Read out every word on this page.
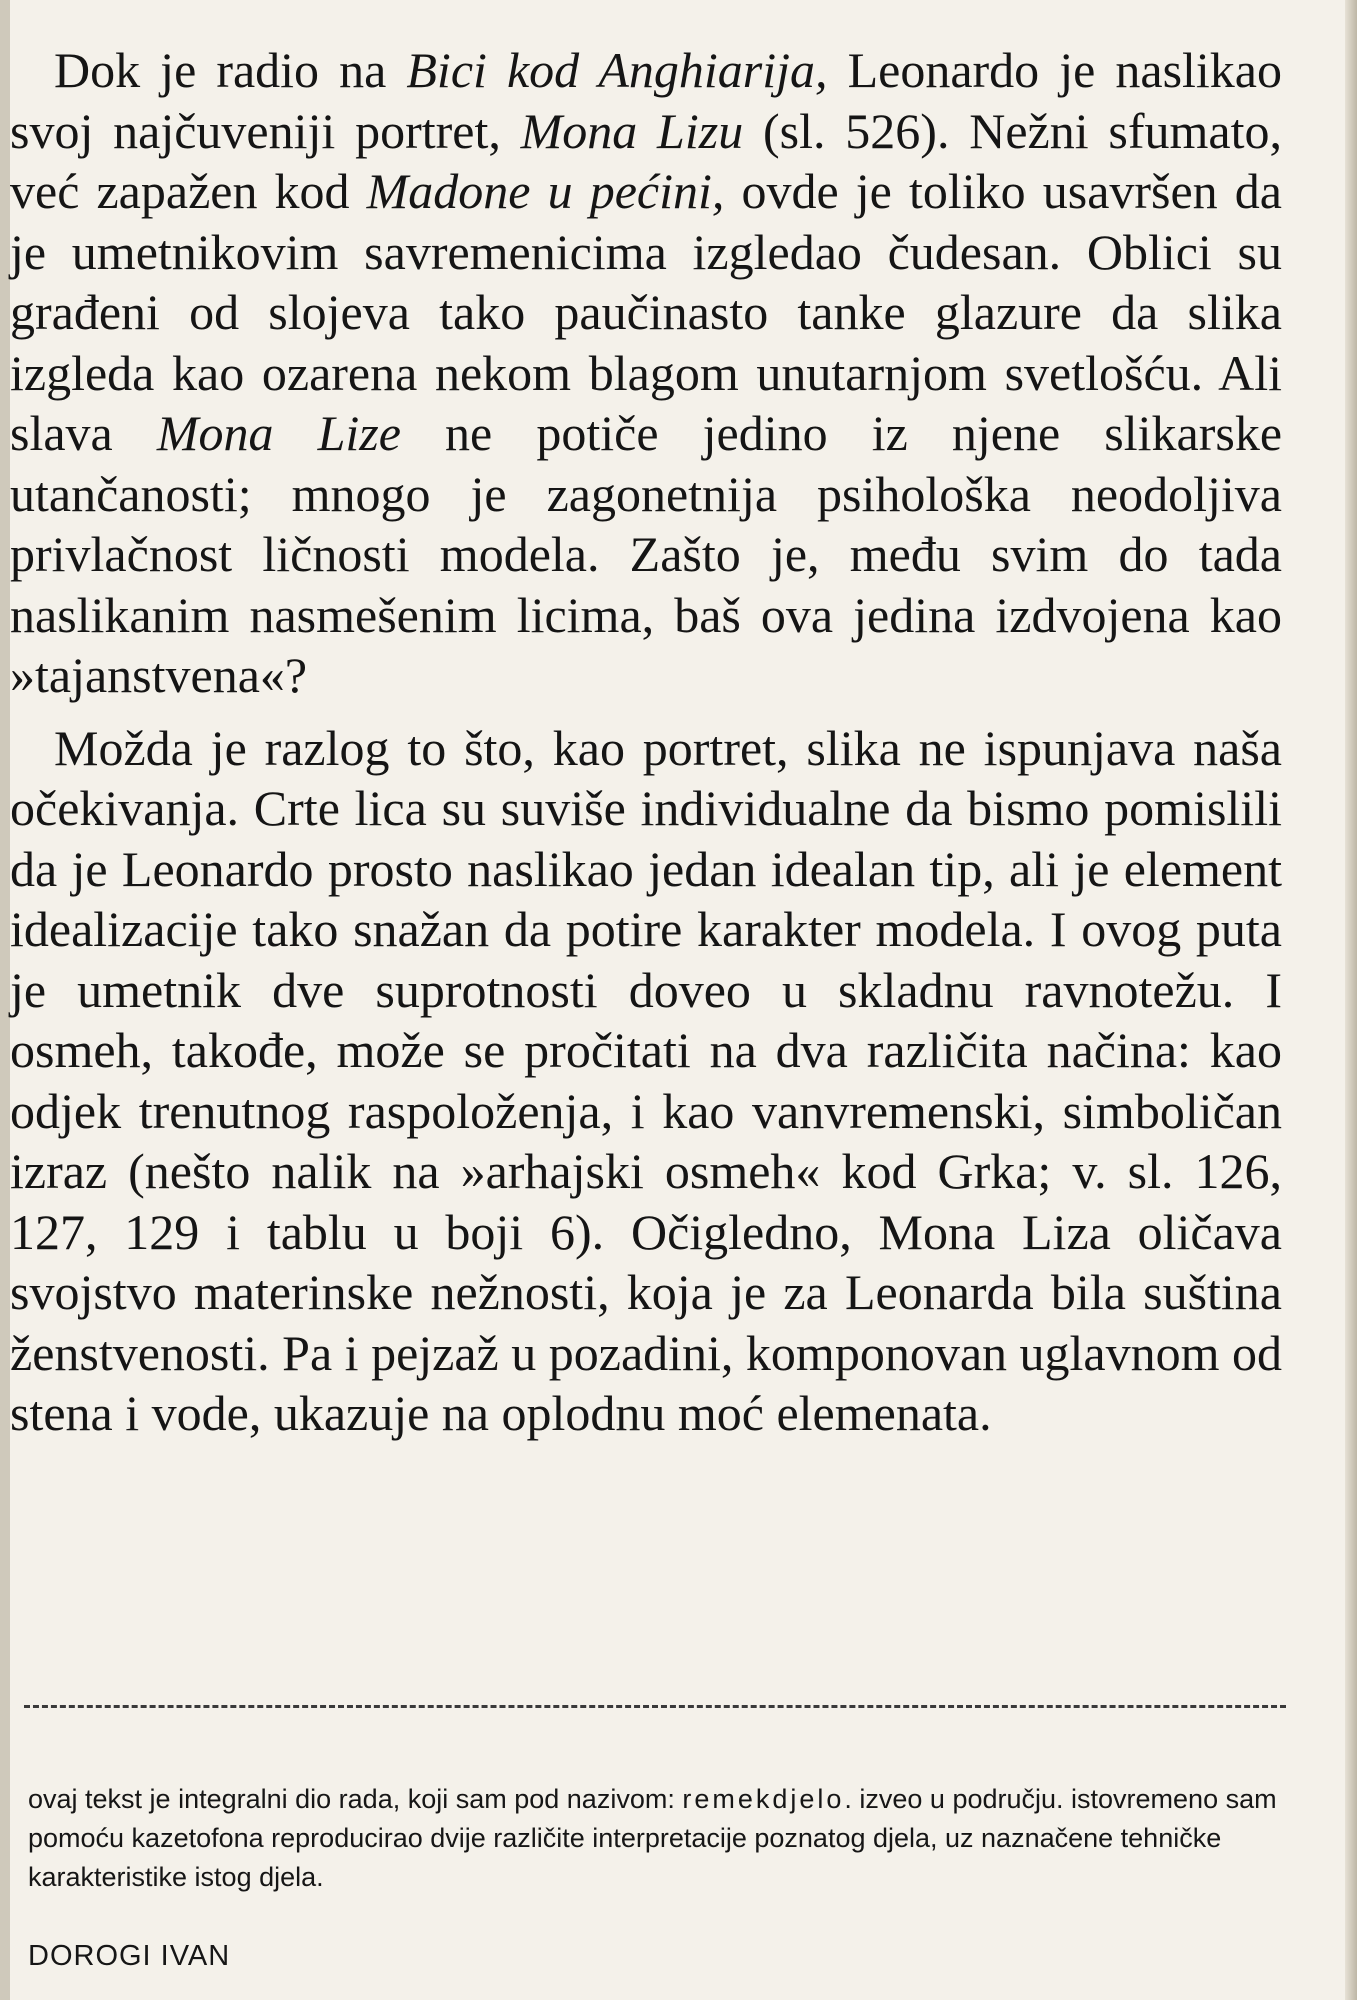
Dok je radio na Bici kod Anghiarija, Leonardo je naslikao svoj najčuveniji portret, Mona Lizu (sl. 526). Nežni sfumato, već zapažen kod Madone u pećini, ovde je toliko usavršen da je umetnikovim savremenicima izgledao čudesan. Oblici su građeni od slojeva tako paučinasto tanke glazure da slika izgleda kao ozarena nekom blagom unutarnjom svetlošću. Ali slava Mona Lize ne potiče jedino iz njene slikarske utančanosti; mnogo je zagonetnija psihološka neodoljiva privlačnost ličnosti modela. Zašto je, među svim do tada naslikanim nasmešenim licima, baš ova jedina izdvojena kao »tajanstvena«?

Možda je razlog to što, kao portret, slika ne ispunjava naša očekivanja. Crte lica su suviše individualne da bismo pomislili da je Leonardo prosto naslikao jedan idealan tip, ali je element idealizacije tako snažan da potire karakter modela. I ovog puta je umetnik dve suprotnosti doveo u skladnu ravnotežu. I osmeh, takođe, može se pročitati na dva različita načina: kao odjek trenutnog raspoloženja, i kao vanvremenski, simboličan izraz (nešto nalik na »arhajski osmeh« kod Grka; v. sl. 126, 127, 129 i tablu u boji 6). Očigledno, Mona Liza oličava svojstvo materinske nežnosti, koja je za Leonarda bila suština ženstvenosti. Pa i pejzaž u pozadini, komponovan uglavnom od stena i vode, ukazuje na oplodnu moć elemenata.

ovaj tekst je integralni dio rada, koji sam pod nazivom: remekdjelo. izveo u području. istovremeno sam pomoću kazetofona reproducirao dvije različite interpretacije poznatog djela, uz naznačene tehničke karakteristike istog djela.
DOROGI IVAN
